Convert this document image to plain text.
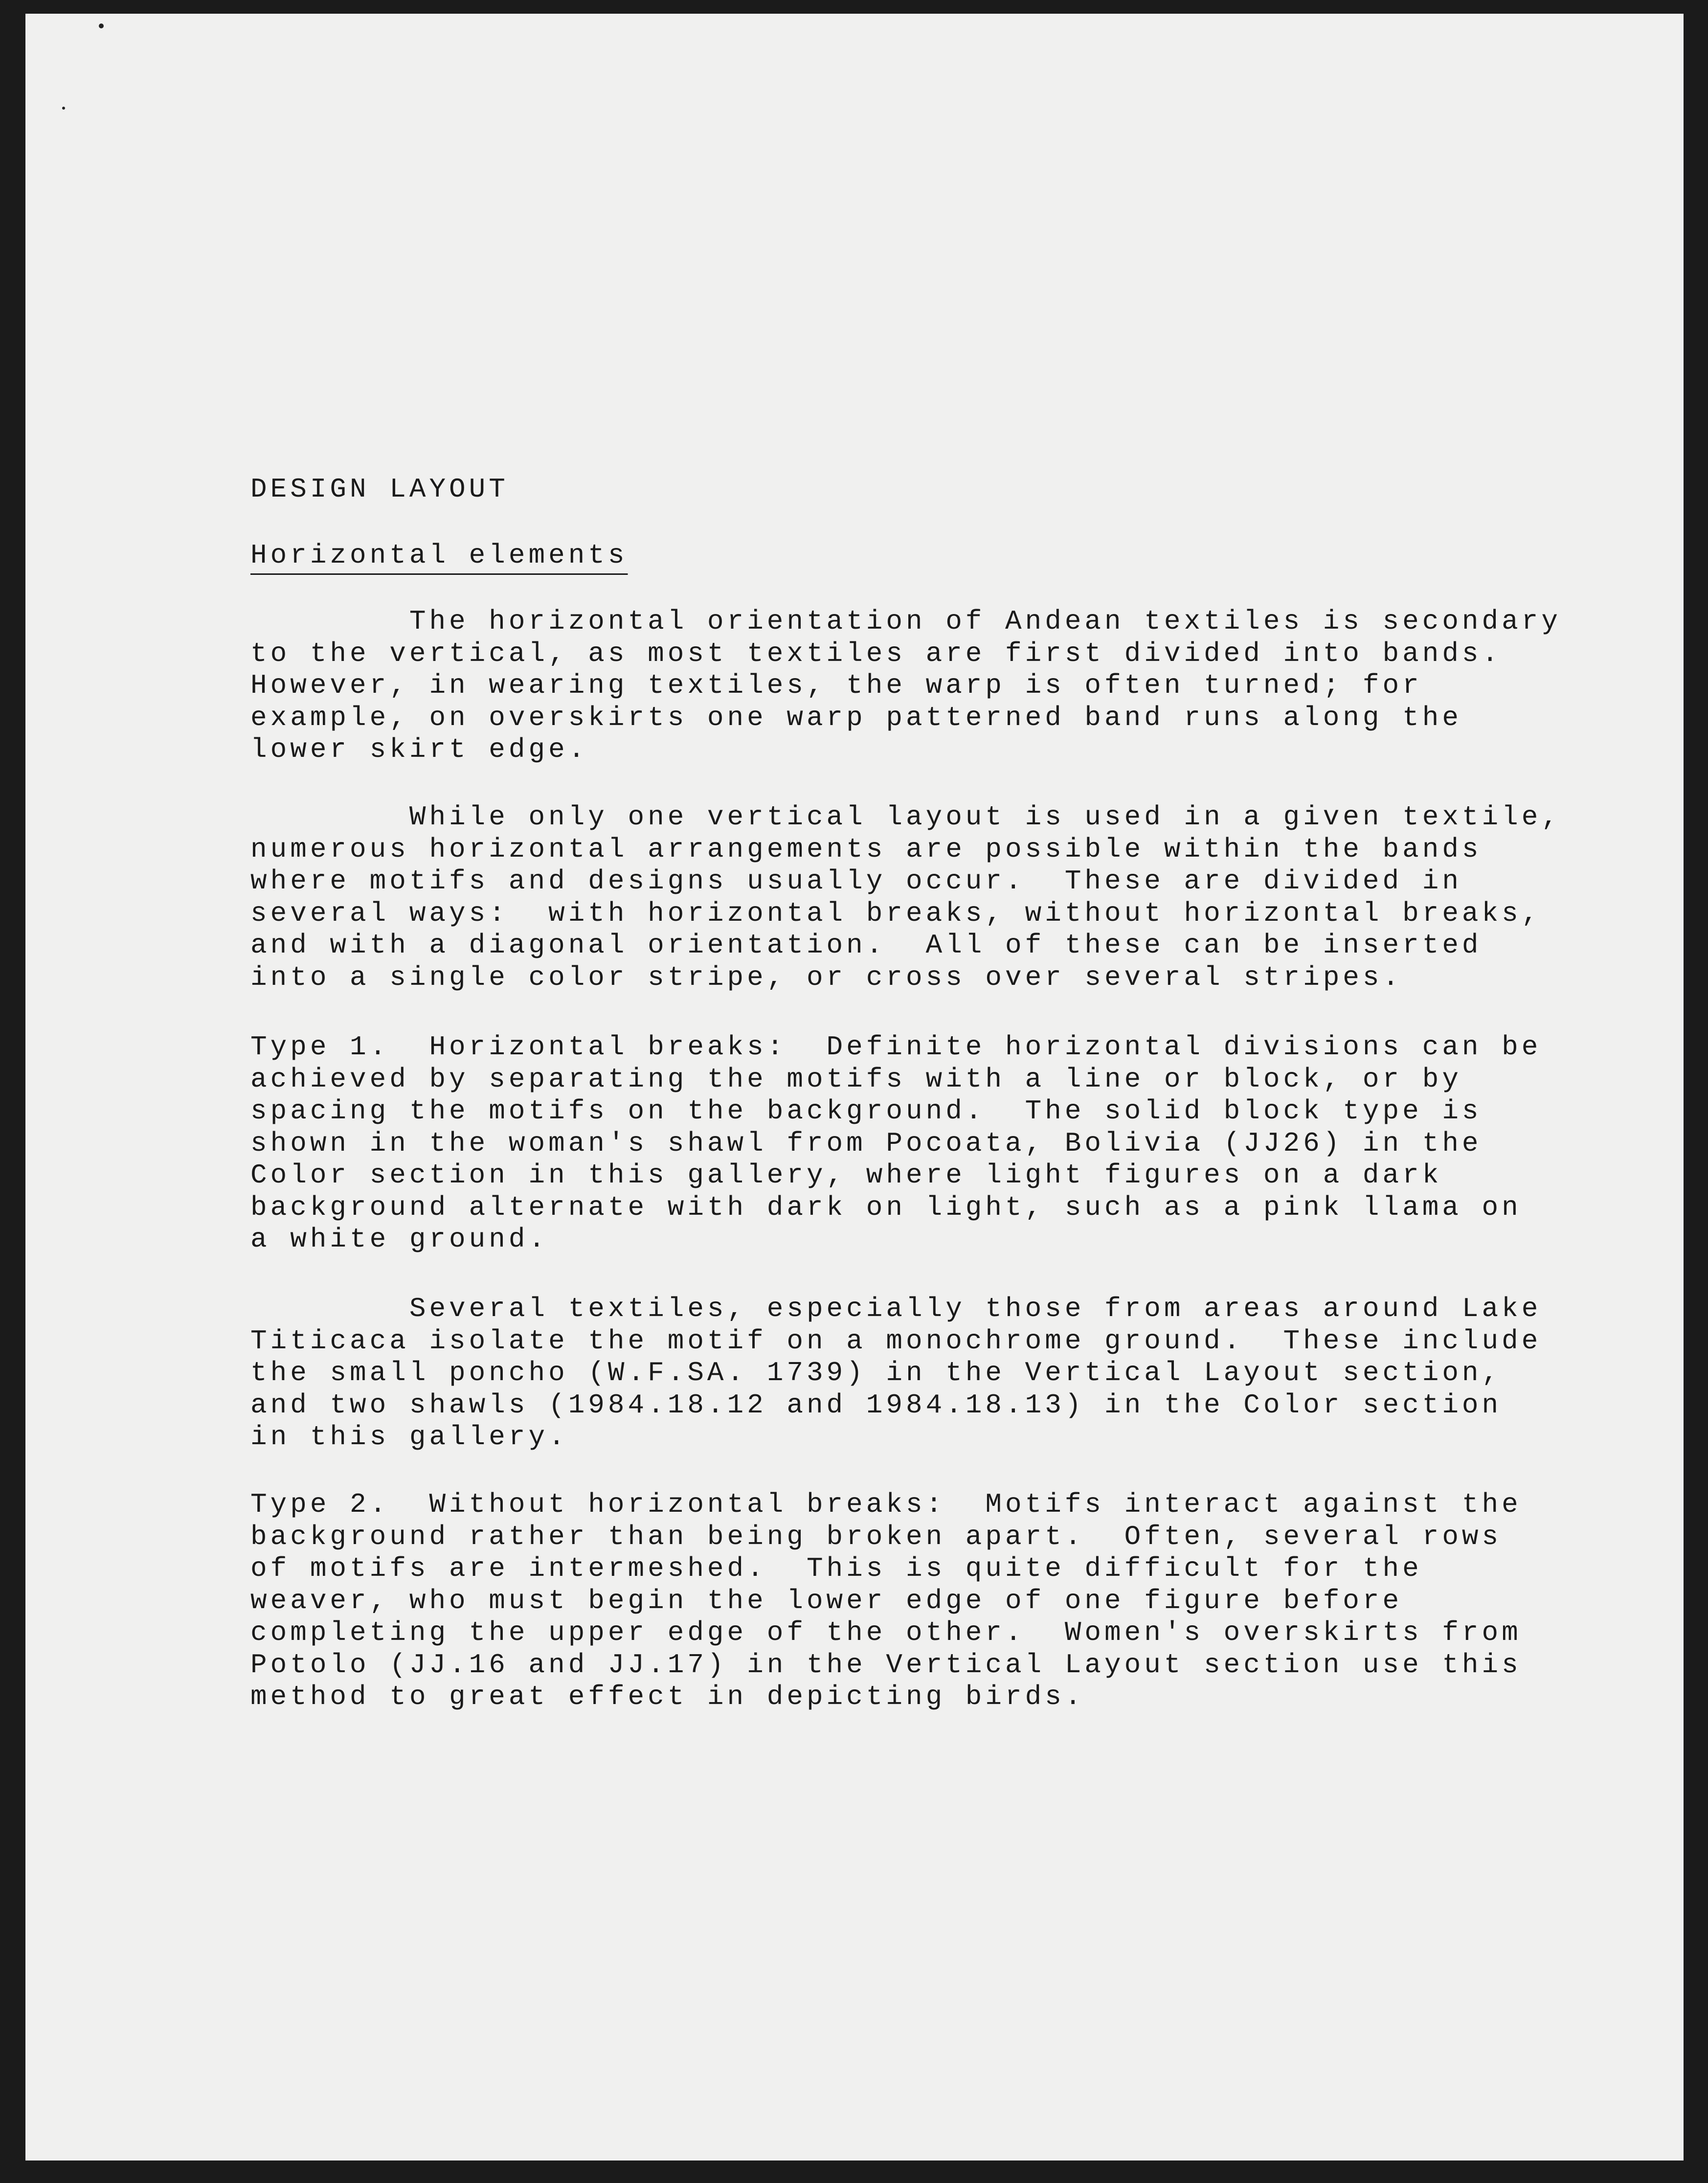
DESIGN LAYOUT
Horizontal elements
The horizontal orientation of Andean textiles is secondary
to the vertical, as most textiles are first divided into bands.
However, in wearing textiles, the warp is often turned; for
example, on overskirts one warp patterned band runs along the
lower skirt edge.
While only one vertical layout is used in a given textile,
numerous horizontal arrangements are possible within the bands
where motifs and designs usually occur.  These are divided in
several ways:  with horizontal breaks, without horizontal breaks,
and with a diagonal orientation.  All of these can be inserted
into a single color stripe, or cross over several stripes.
Type 1.  Horizontal breaks:  Definite horizontal divisions can be
achieved by separating the motifs with a line or block, or by
spacing the motifs on the background.  The solid block type is
shown in the woman's shawl from Pocoata, Bolivia (JJ26) in the
Color section in this gallery, where light figures on a dark
background alternate with dark on light, such as a pink llama on
a white ground.
Several textiles, especially those from areas around Lake
Titicaca isolate the motif on a monochrome ground.  These include
the small poncho (W.F.SA. 1739) in the Vertical Layout section,
and two shawls (1984.18.12 and 1984.18.13) in the Color section
in this gallery.
Type 2.  Without horizontal breaks:  Motifs interact against the
background rather than being broken apart.  Often, several rows
of motifs are intermeshed.  This is quite difficult for the
weaver, who must begin the lower edge of one figure before
completing the upper edge of the other.  Women's overskirts from
Potolo (JJ.16 and JJ.17) in the Vertical Layout section use this
method to great effect in depicting birds.
